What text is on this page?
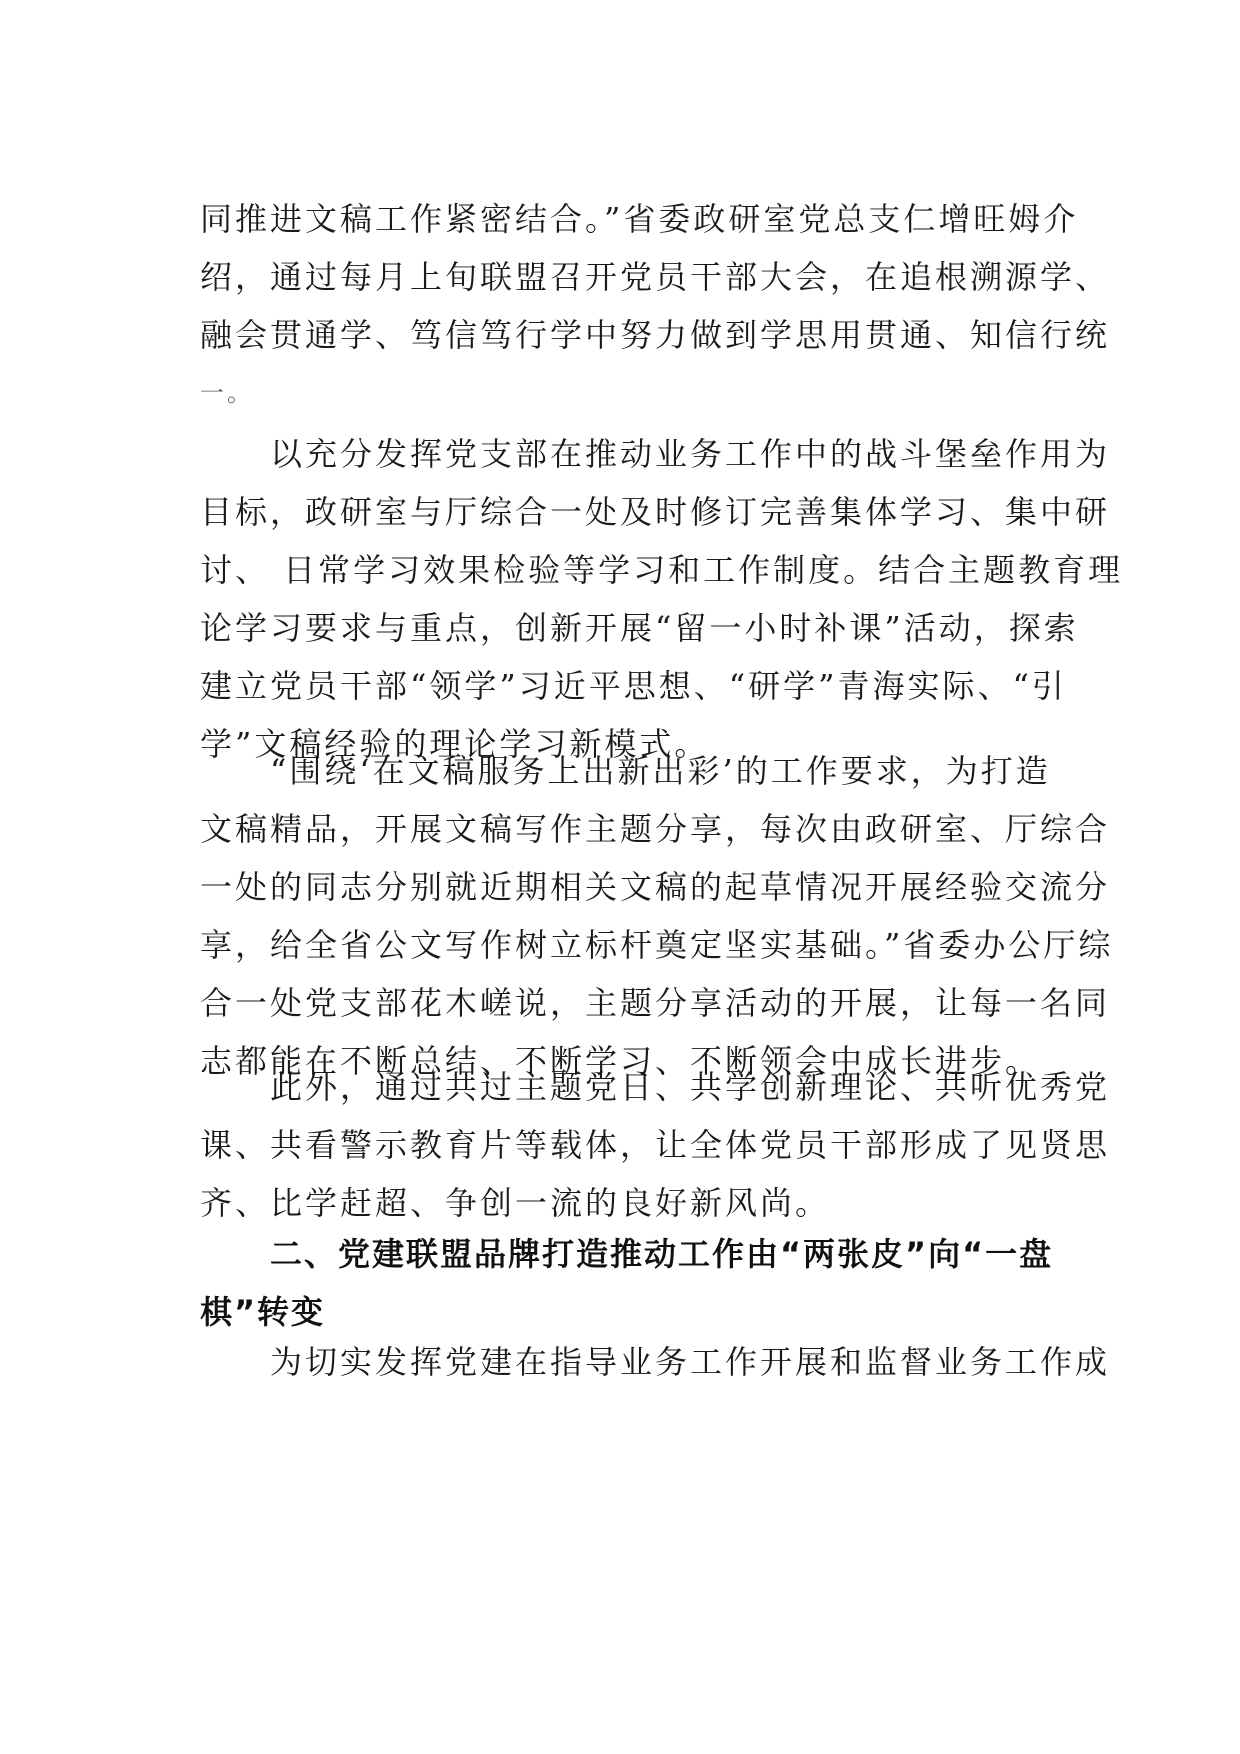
同推进文稿工作紧密结合。”省委政研室党总支仁增旺姆介
绍，通过每月上旬联盟召开党员干部大会，在追根溯源学、
融会贯通学、笃信笃行学中努力做到学思用贯通、知信行统
一。
以充分发挥党支部在推动业务工作中的战斗堡垒作用为
目标，政研室与厅综合一处及时修订完善集体学习、集中研
讨、 日常学习效果检验等学习和工作制度。结合主题教育理
论学习要求与重点，创新开展“留一小时补课”活动，探索
建立党员干部“领学”习近平思想、“研学”青海实际、“引
学”文稿经验的理论学习新模式。
“围绕‘在文稿服务上出新出彩’的工作要求，为打造
文稿精品，开展文稿写作主题分享，每次由政研室、厅综合
一处的同志分别就近期相关文稿的起草情况开展经验交流分
享，给全省公文写作树立标杆奠定坚实基础。”省委办公厅综
合一处党支部花木嵯说，主题分享活动的开展，让每一名同
志都能在不断总结、不断学习、不断领会中成长进步。
此外，通过共过主题党日、共学创新理论、共听优秀党
课、共看警示教育片等载体，让全体党员干部形成了见贤思
齐、比学赶超、争创一流的良好新风尚。
二、党建联盟品牌打造推动工作由“两张皮”向“一盘
棋”转变
为切实发挥党建在指导业务工作开展和监督业务工作成
